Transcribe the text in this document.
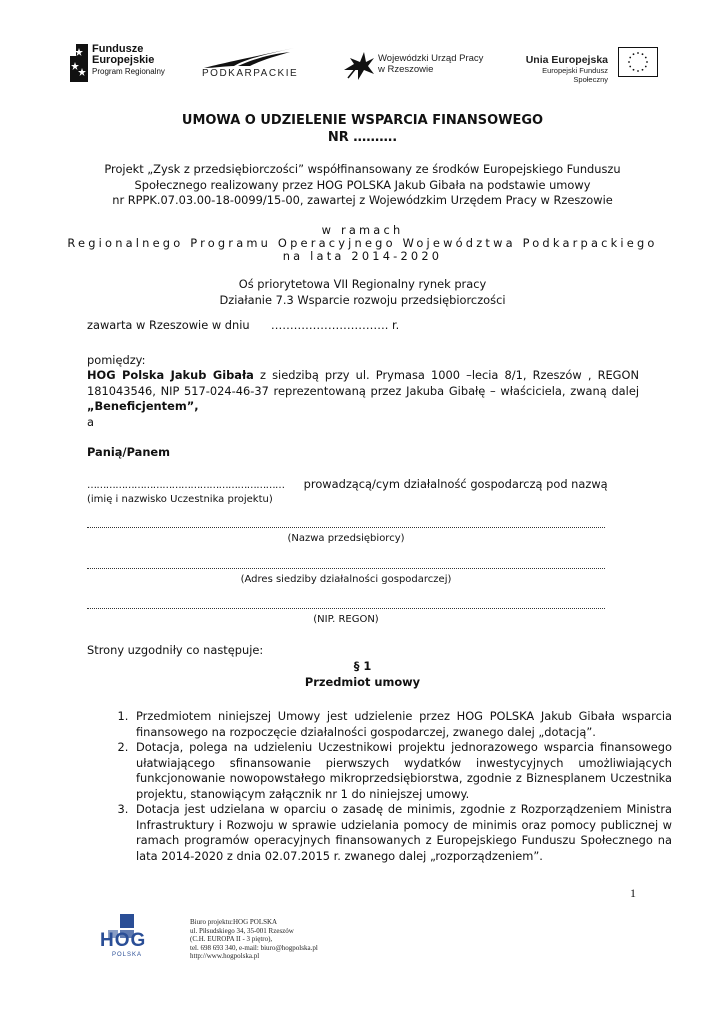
Fundusze
Europejskie
Program Regionalny	PODKARPACKIE
Wojewódzki Urząd Pracy
w Rzeszowie
Unia Europejska
Europejski Fundusz Społeczny
UMOWA O UDZIELENIE WSPARCIA FINANSOWEGO
NR ……….
Projekt „Zysk z przedsiębiorczości” współfinansowany ze środków Europejskiego Funduszu
Społecznego realizowany przez HOG POLSKA Jakub Gibała na podstawie umowy
nr RPPK.07.03.00-18-0099/15-00, zawartej z Wojewódzkim Urzędem Pracy w Rzeszowie
w ramach
Regionalnego Programu Operacyjnego Województwa Podkarpackiego
na lata 2014-2020
Oś priorytetowa VII Regionalny rynek pracy
Działanie 7.3 Wsparcie rozwoju przedsiębiorczości
zawarta w Rzeszowie w dniu …………………………. r.
pomiędzy:
HOG Polska Jakub Gibała z siedzibą przy ul. Prymasa 1000 –lecia 8/1, Rzeszów , REGON 181043546, NIP 517-024-46-37 reprezentowaną przez Jakuba Gibałę – właściciela, zwaną dalej „Beneficjentem”,
a
Panią/Panem
……………………………………………………… prowadzącą/cym działalność gospodarczą pod nazwą
(imię i nazwisko Uczestnika projektu)
(Nazwa przedsiębiorcy)
(Adres siedziby działalności gospodarczej)
(NIP. REGON)
Strony uzgodniły co następuje:
§ 1
Przedmiot umowy
1. Przedmiotem niniejszej Umowy jest udzielenie przez HOG POLSKA Jakub Gibała wsparcia finansowego na rozpoczęcie działalności gospodarczej, zwanego dalej „dotacją”.
2. Dotacja, polega na udzieleniu Uczestnikowi projektu jednorazowego wsparcia finansowego ułatwiającego sfinansowanie pierwszych wydatków inwestycyjnych umożliwiających funkcjonowanie nowopowstałego mikroprzedsiębiorstwa, zgodnie z Biznesplanem Uczestnika projektu, stanowiącym załącznik nr 1 do niniejszej umowy.
3. Dotacja jest udzielana w oparciu o zasadę de minimis, zgodnie z Rozporządzeniem Ministra Infrastruktury i Rozwoju w sprawie udzielania pomocy de minimis oraz pomocy publicznej w ramach programów operacyjnych finansowanych z Europejskiego Funduszu Społecznego na lata 2014-2020 z dnia 02.07.2015 r. zwanego dalej „rozporządzeniem”.
1
HOG
POLSKA
Biuro projektu:HOG POLSKA
ul. Piłsudskiego 34, 35-001 Rzeszów
(C.H. EUROPA II - 3 piętro),
tel. 698 693 340, e-mail: biuro@hogpolska.pl
http://www.hogpolska.pl
